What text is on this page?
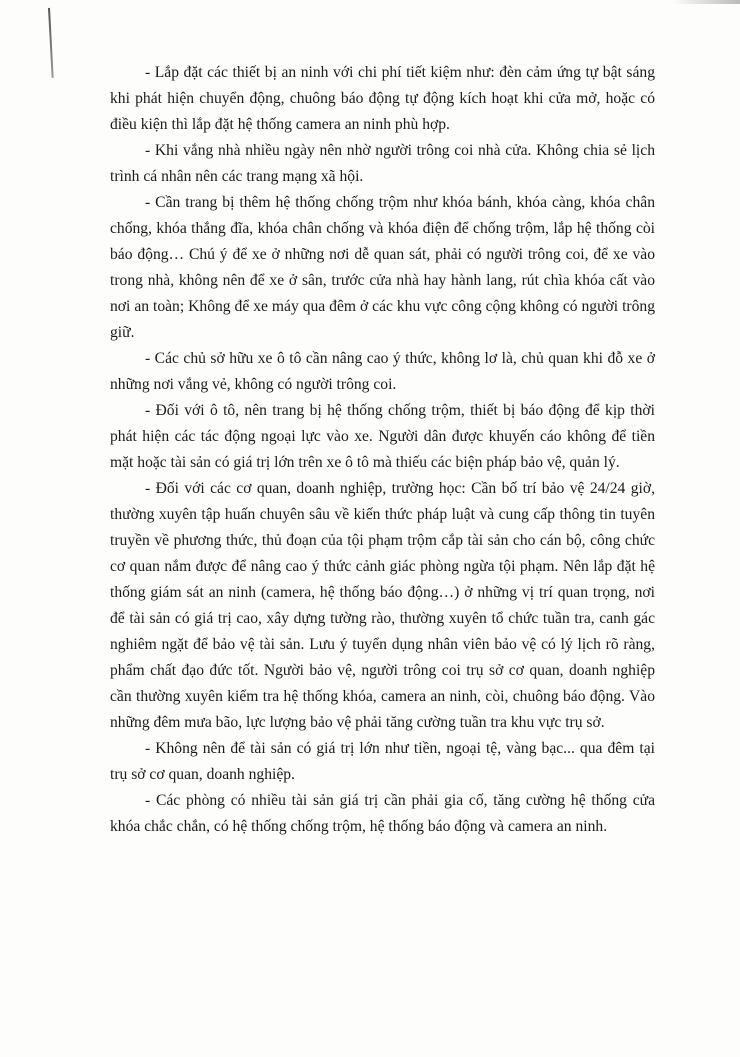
- Lắp đặt các thiết bị an ninh với chi phí tiết kiệm như: đèn cảm ứng tự bật sáng khi phát hiện chuyển động, chuông báo động tự động kích hoạt khi cửa mở, hoặc có điều kiện thì lắp đặt hệ thống camera an ninh phù hợp.

- Khi vắng nhà nhiều ngày nên nhờ người trông coi nhà cửa. Không chia sẻ lịch trình cá nhân nên các trang mạng xã hội.

- Cần trang bị thêm hệ thống chống trộm như khóa bánh, khóa càng, khóa chân chống, khóa thắng đĩa, khóa chân chống và khóa điện để chống trộm, lắp hệ thống còi báo động… Chú ý để xe ở những nơi dễ quan sát, phải có người trông coi, để xe vào trong nhà, không nên để xe ở sân, trước cửa nhà hay hành lang, rút chìa khóa cất vào nơi an toàn; Không để xe máy qua đêm ở các khu vực công cộng không có người trông giữ.

- Các chủ sở hữu xe ô tô cần nâng cao ý thức, không lơ là, chủ quan khi đỗ xe ở những nơi vắng vẻ, không có người trông coi.

- Đối với ô tô, nên trang bị hệ thống chống trộm, thiết bị báo động để kịp thời phát hiện các tác động ngoại lực vào xe. Người dân được khuyến cáo không để tiền mặt hoặc tài sản có giá trị lớn trên xe ô tô mà thiếu các biện pháp bảo vệ, quản lý.

- Đối với các cơ quan, doanh nghiệp, trường học: Cần bố trí bảo vệ 24/24 giờ, thường xuyên tập huấn chuyên sâu về kiến thức pháp luật và cung cấp thông tin tuyên truyền về phương thức, thủ đoạn của tội phạm trộm cắp tài sản cho cán bộ, công chức cơ quan nắm được để nâng cao ý thức cảnh giác phòng ngừa tội phạm. Nên lắp đặt hệ thống giám sát an ninh (camera, hệ thống báo động…) ở những vị trí quan trọng, nơi để tài sản có giá trị cao, xây dựng tường rào, thường xuyên tổ chức tuần tra, canh gác nghiêm ngặt để bảo vệ tài sản. Lưu ý tuyển dụng nhân viên bảo vệ có lý lịch rõ ràng, phẩm chất đạo đức tốt. Người bảo vệ, người trông coi trụ sở cơ quan, doanh nghiệp cần thường xuyên kiểm tra hệ thống khóa, camera an ninh, còi, chuông báo động. Vào những đêm mưa bão, lực lượng bảo vệ phải tăng cường tuần tra khu vực trụ sở.

- Không nên để tài sản có giá trị lớn như tiền, ngoại tệ, vàng bạc... qua đêm tại trụ sở cơ quan, doanh nghiệp.

- Các phòng có nhiều tài sản giá trị cần phải gia cố, tăng cường hệ thống cửa khóa chắc chắn, có hệ thống chống trộm, hệ thống báo động và camera an ninh.
